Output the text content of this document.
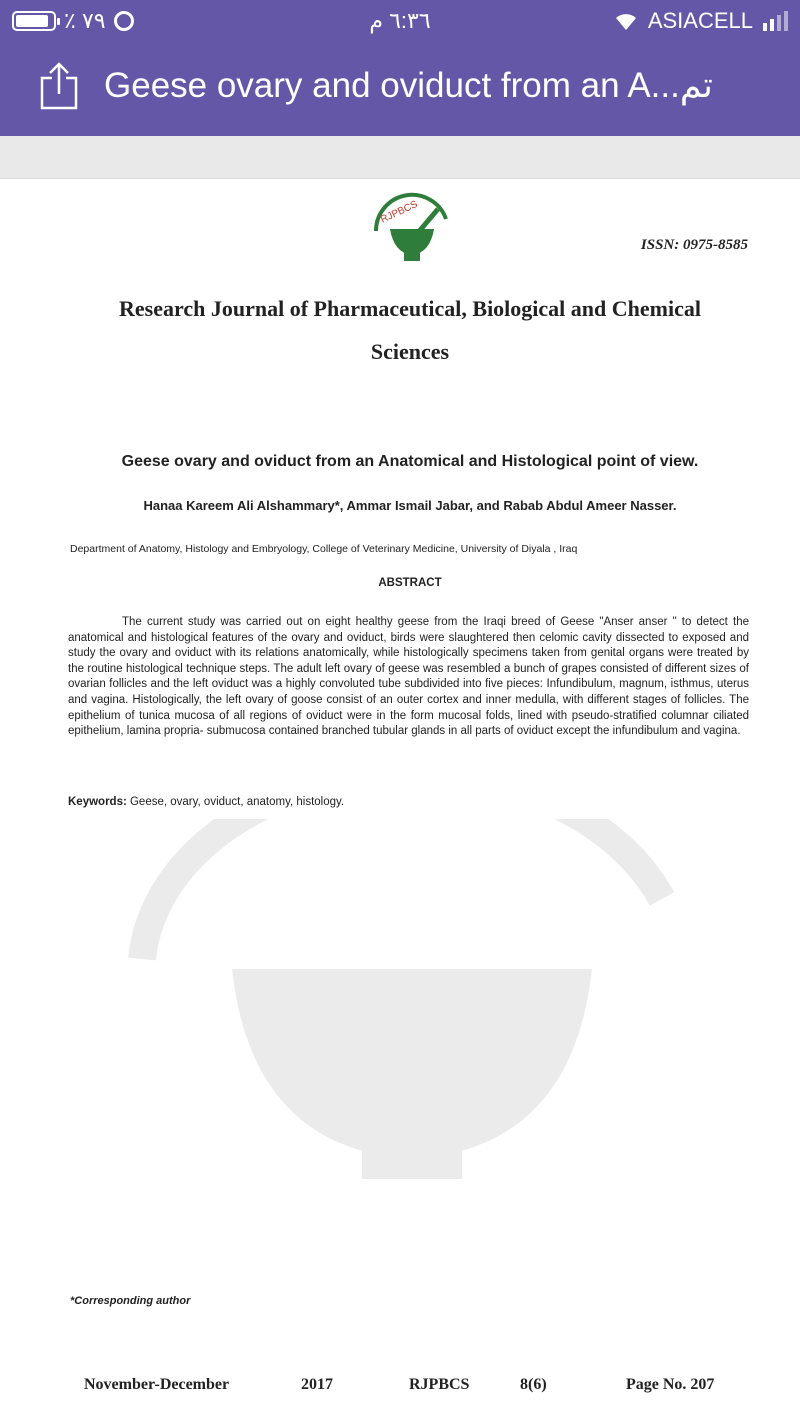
٪ ٧٩	٦:٣٦ م	ASIACELL
Geese ovary and oviduct from an A...تم
RJPBCS
ISSN: 0975-8585
Research Journal of Pharmaceutical, Biological and Chemical
Sciences
Geese ovary and oviduct from an Anatomical and Histological point of view.
Hanaa Kareem Ali Alshammary*, Ammar Ismail Jabar, and Rabab Abdul Ameer Nasser.
Department of Anatomy, Histology and Embryology, College of Veterinary Medicine, University of Diyala , Iraq
ABSTRACT
The current study was carried out on eight healthy geese from the Iraqi breed of Geese "Anser anser " to detect the anatomical and histological features of the ovary and oviduct, birds were slaughtered then celomic cavity dissected to exposed and study the ovary and oviduct with its relations anatomically, while histologically specimens taken from genital organs were treated by the routine histological technique steps. The adult left ovary of geese was resembled a bunch of grapes consisted of different sizes of ovarian follicles and the left oviduct was a highly convoluted tube subdivided into five pieces: Infundibulum, magnum, isthmus, uterus and vagina. Histologically, the left ovary of goose consist of an outer cortex and inner medulla, with different stages of follicles. The epithelium of tunica mucosa of all regions of oviduct were in the form mucosal folds, lined with pseudo-stratified columnar ciliated epithelium, lamina propria- submucosa contained branched tubular glands in all parts of oviduct except the infundibulum and vagina.
Keywords: Geese, ovary, oviduct, anatomy, histology.
*Corresponding author
November-December	2017	RJPBCS	8(6)	Page No. 207
